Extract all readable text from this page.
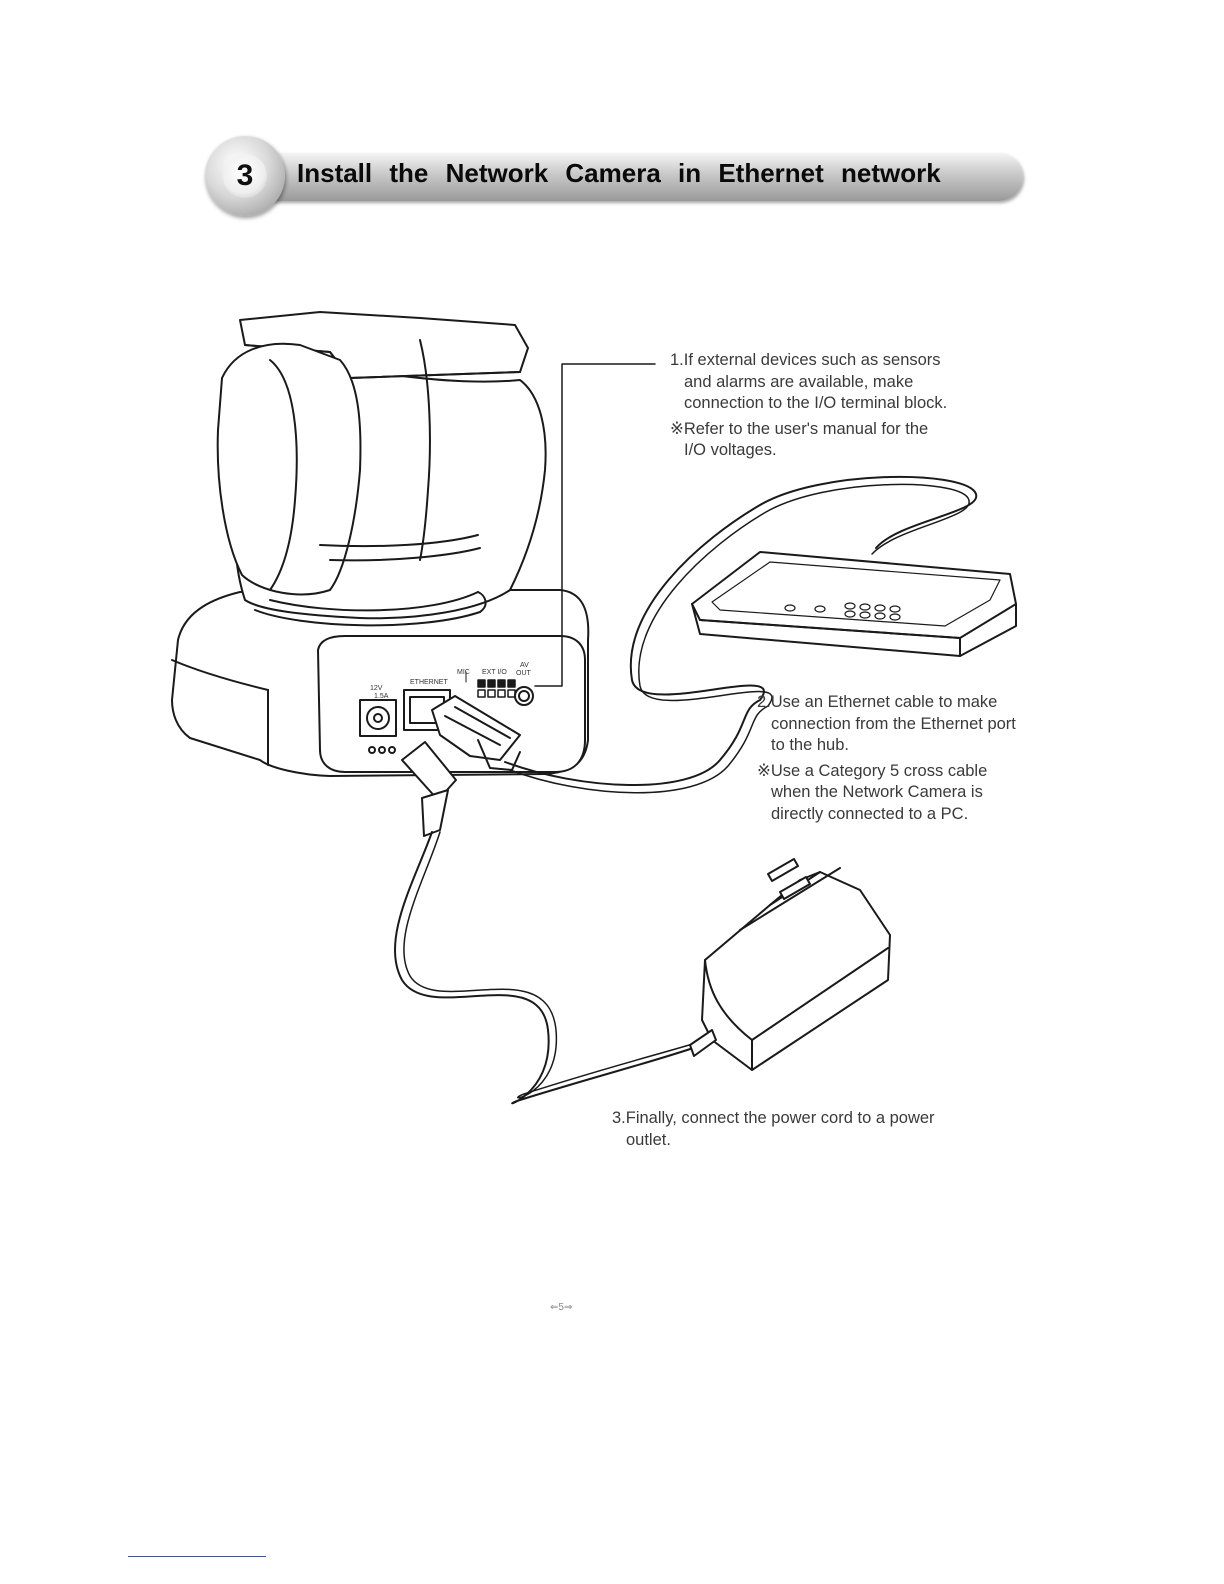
3	Install the Network Camera in Ethernet network
12V
1.5A
ETHERNET
MIC EXT I/O
AV
OUT
1.If external devices such as sensors
and alarms are available, make
connection to the I/O terminal block.
※Refer to the user's manual for the
I/O voltages.
2.Use an Ethernet cable to make
connection from the Ethernet port
to the hub.
※Use a Category 5 cross cable
when the Network Camera is
directly connected to a PC.
3.Finally, connect the power cord to a power
outlet.
⇐5⇒
